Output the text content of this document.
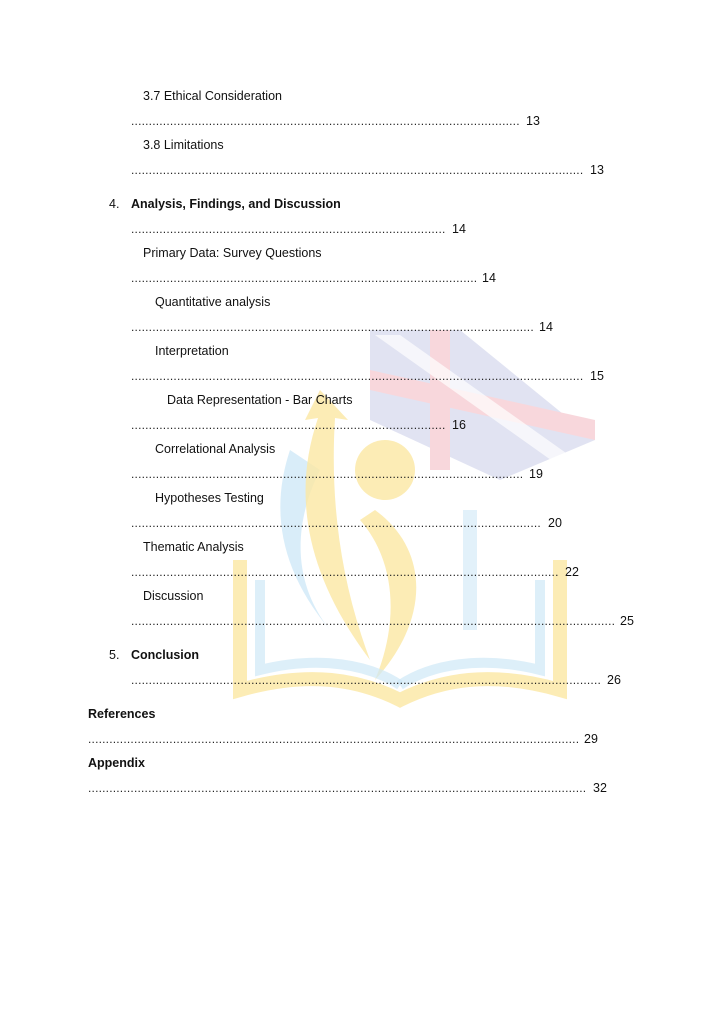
3.7 Ethical Consideration
.....
13
3.8 Limitations
.....
13
4. Analysis, Findings, and Discussion
.....
14
Primary Data: Survey Questions
.....
14
Quantitative analysis
.....
14
Interpretation
.....
15
Data Representation - Bar Charts
.....
16
Correlational Analysis
.....
19
Hypotheses Testing
.....
20
Thematic Analysis
.....
22
Discussion
.....
25
5. Conclusion
.....
26
References
.....
29
Appendix
.....
32
